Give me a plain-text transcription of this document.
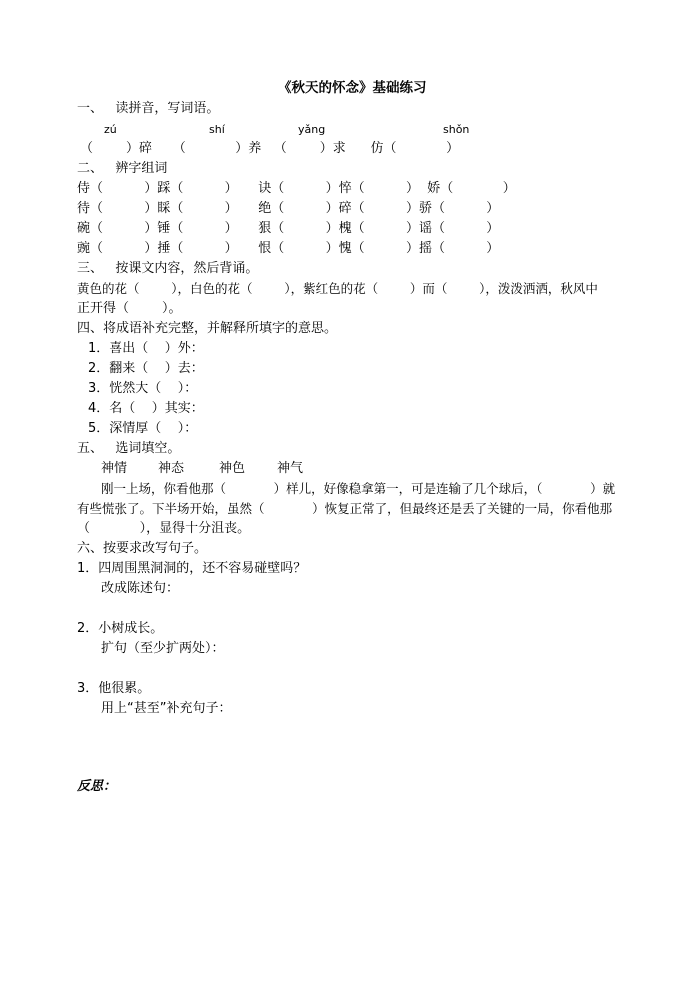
《秋天的怀念》基础练习
一、   读拼音，写词语。
zú	shí	yǎng	shǒn
（        ）碎     （            ）养   （        ）求      仿（            ）
二、   辨字组词
侍（          ）踩（          ）     诀（          ）悴（          ）  娇（            ）
待（          ）睬（          ）     绝（          ）碎（          ）骄（          ）
碗（          ）锤（          ）     狠（          ）槐（          ）谣（          ）
豌（          ）捶（          ）     恨（          ）愧（          ）摇（          ）
三、   按课文内容，然后背诵。
黄色的花（        ），白色的花（        ），紫红色的花（        ）而（        ），泼泼洒洒，秋风中
正开得（        ）。
四、将成语补充完整，并解释所填字的意思。
1．喜出（    ）外：
2．翻来（    ）去：
3．恍然大（    ）：
4．名（    ）其实：
5．深情厚（    ）：
五、   选词填空。
神情 神态	神色 神气
刚一上场，你看他那（            ）样儿，好像稳拿第一，可是连输了几个球后，（            ）就
有些慌张了。下半场开始，虽然（            ）恢复正常了，但最终还是丢了关键的一局，你看他那
（            ），显得十分沮丧。
六、按要求改写句子。
1．四周围黑洞洞的，还不容易碰壁吗？
改成陈述句：
2．小树成长。
扩句（至少扩两处）：
3．他很累。
用上“甚至”补充句子：
反思：
